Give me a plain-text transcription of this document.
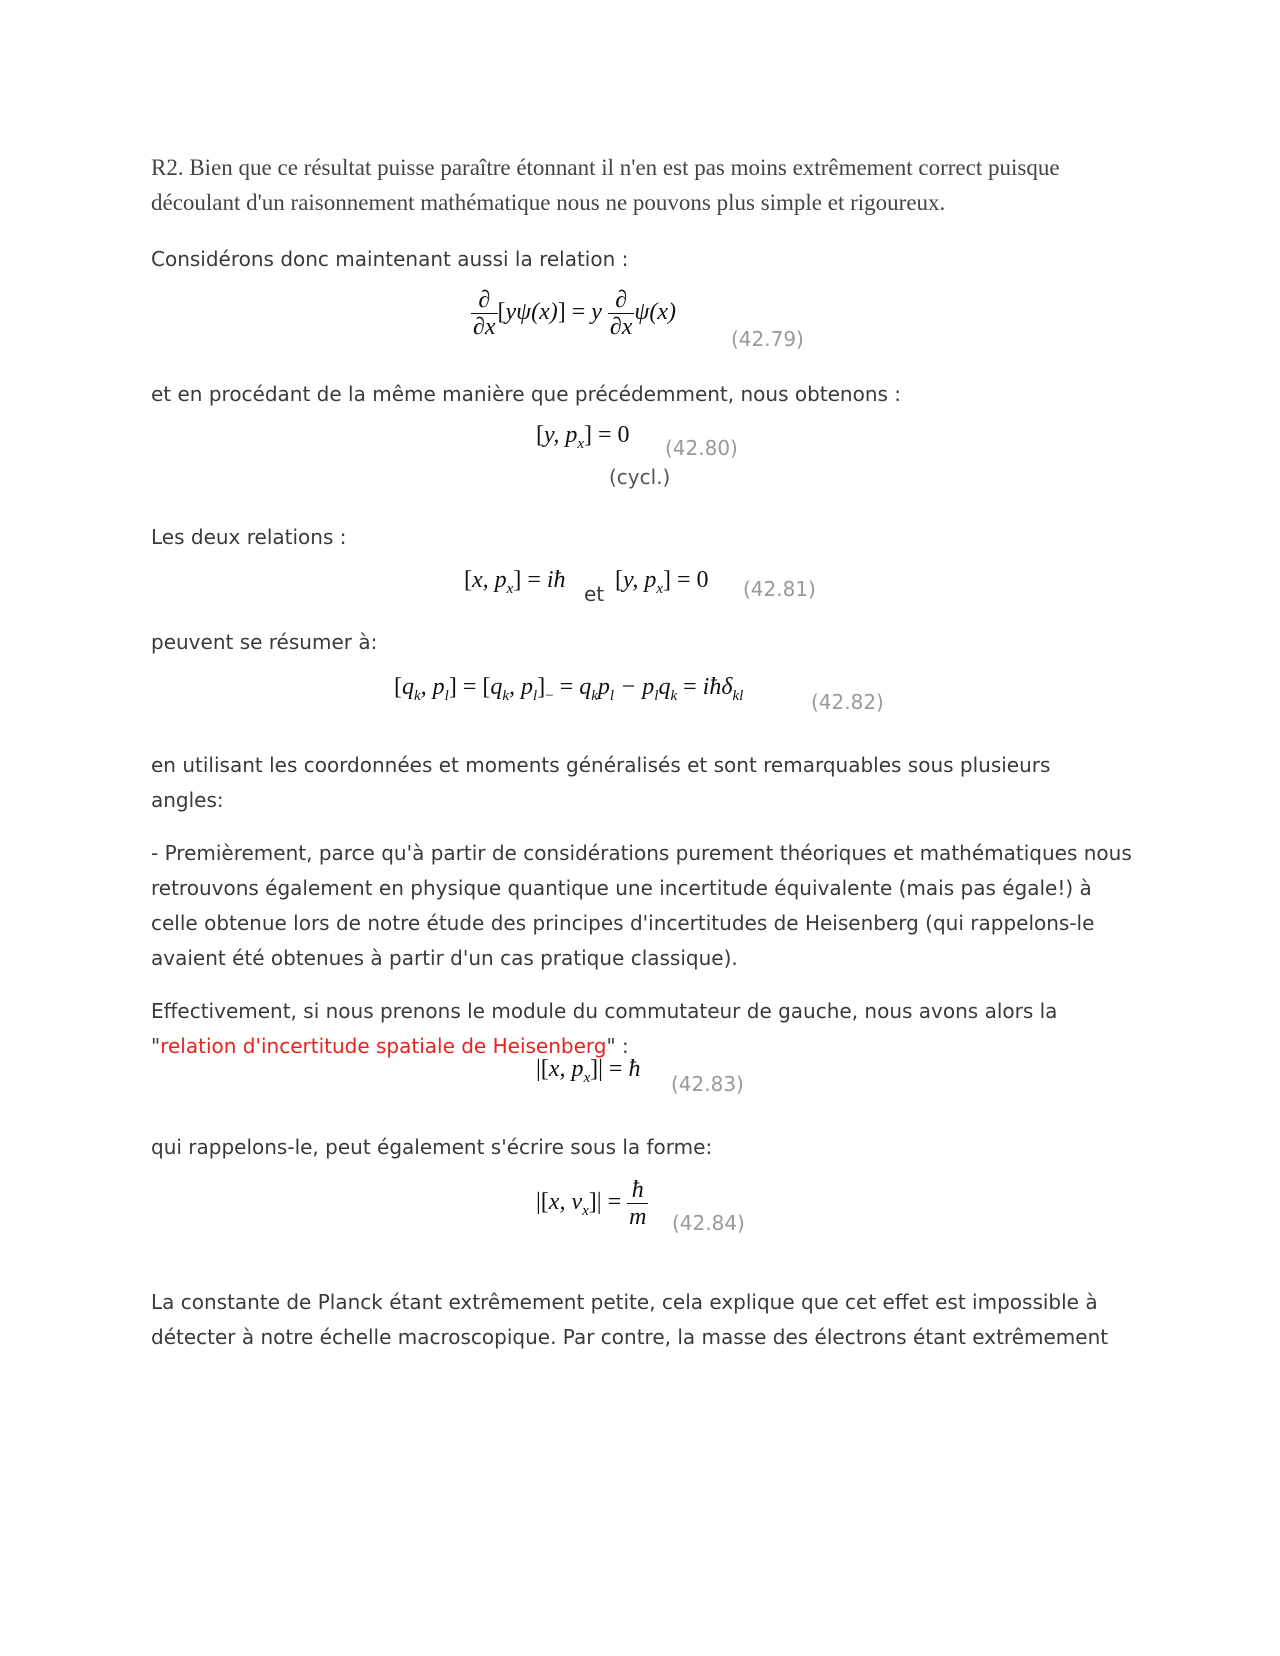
R2. Bien que ce résultat puisse paraître étonnant il n'en est pas moins extrêmement correct puisque découlant d'un raisonnement mathématique nous ne pouvons plus simple et rigoureux.

Considérons donc maintenant aussi la relation :

$\frac{\partial}{\partial x} [y\psi(x)] = y \frac{\partial}{\partial x} \psi(x)$
(42.79)

et en procédant de la même manière que précédemment, nous obtenons :

[y, $p_x] = 0$ (42.80)
(cycl.)

Les deux relations :

[x, $p_x$] = iħ
et
[y, $p_x] = 0$ (42.81)

peuvent se résumer à:

[$q_k$, $p_l] = [q_k$, $p_l]_- = q_kp_l - p_lq_k$ = iħδ$_{kl}$	(42.82)

en utilisant les coordonnées et moments généralisés et sont remarquables sous plusieurs angles:

- Premièrement, parce qu'à partir de considérations purement théoriques et mathématiques nous retrouvons également en physique quantique une incertitude équivalente (mais pas égale!) à celle obtenue lors de notre étude des principes d'incertitudes de Heisenberg (qui rappelons-le avaient été obtenues à partir d'un cas pratique classique).

Effectivement, si nous prenons le module du commutateur de gauche, nous avons alors la
"relation d'incertitude spatiale de Heisenberg" :

|[x, $p_x]|$ = ħ
(42.83)

qui rappelons-le, peut également s'écrire sous la forme:

|[x, $v_x]| = \frac{ħ}{m} (42.84)$

La constante de Planck étant extrêmement petite, cela explique que cet effet est impossible à détecter à notre échelle macroscopique. Par contre, la masse des électrons étant extrêmement
